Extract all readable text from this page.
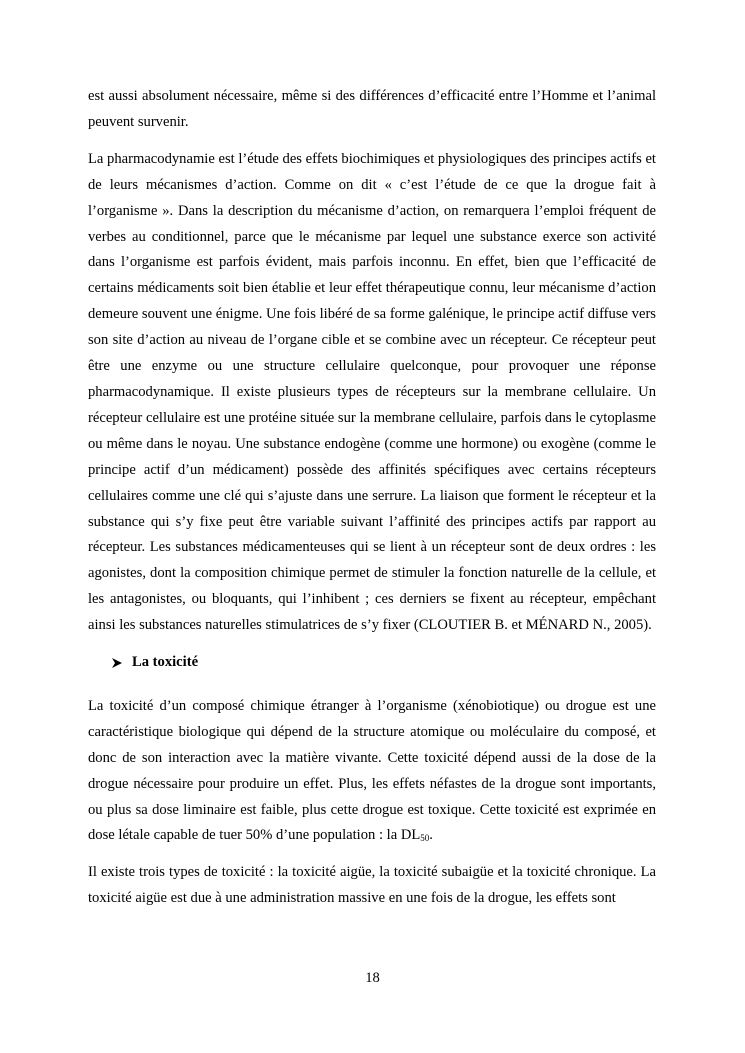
est aussi absolument nécessaire, même si des différences d’efficacité entre l’Homme et l’animal peuvent survenir.

La pharmacodynamie est l’étude des effets biochimiques et physiologiques des principes actifs et de leurs mécanismes d’action. Comme on dit « c’est l’étude de ce que la drogue fait à l’organisme ». Dans la description du mécanisme d’action, on remarquera l’emploi fréquent de verbes au conditionnel, parce que le mécanisme par lequel une substance exerce son activité dans l’organisme est parfois évident, mais parfois inconnu. En effet, bien que l’efficacité de certains médicaments soit bien établie et leur effet thérapeutique connu, leur mécanisme d’action demeure souvent une énigme. Une fois libéré de sa forme galénique, le principe actif diffuse vers son site d’action au niveau de l’organe cible et se combine avec un récepteur. Ce récepteur peut être une enzyme ou une structure cellulaire quelconque, pour provoquer une réponse pharmacodynamique. Il existe plusieurs types de récepteurs sur la membrane cellulaire. Un récepteur cellulaire est une protéine située sur la membrane cellulaire, parfois dans le cytoplasme ou même dans le noyau. Une substance endogène (comme une hormone) ou exogène (comme le principe actif d’un médicament) possède des affinités spécifiques avec certains récepteurs cellulaires comme une clé qui s’ajuste dans une serrure. La liaison que forment le récepteur et la substance qui s’y fixe peut être variable suivant l’affinité des principes actifs par rapport au récepteur. Les substances médicamenteuses qui se lient à un récepteur sont de deux ordres : les agonistes, dont la composition chimique permet de stimuler la fonction naturelle de la cellule, et les antagonistes, ou bloquants, qui l’inhibent ; ces derniers se fixent au récepteur, empêchant ainsi les substances naturelles stimulatrices de s’y fixer (CLOUTIER B. et MÉNARD N., 2005).

La toxicité

La toxicité d’un composé chimique étranger à l’organisme (xénobiotique) ou drogue est une caractéristique biologique qui dépend de la structure atomique ou moléculaire du composé, et donc de son interaction avec la matière vivante. Cette toxicité dépend aussi de la dose de la drogue nécessaire pour produire un effet. Plus, les effets néfastes de la drogue sont importants, ou plus sa dose liminaire est faible, plus cette drogue est toxique. Cette toxicité est exprimée en dose létale capable de tuer 50% d’une population : la $DL_{50}$.

Il existe trois types de toxicité : la toxicité aigüe, la toxicité subaigüe et la toxicité chronique. La toxicité aigüe est due à une administration massive en une fois de la drogue, les effets sont

18
